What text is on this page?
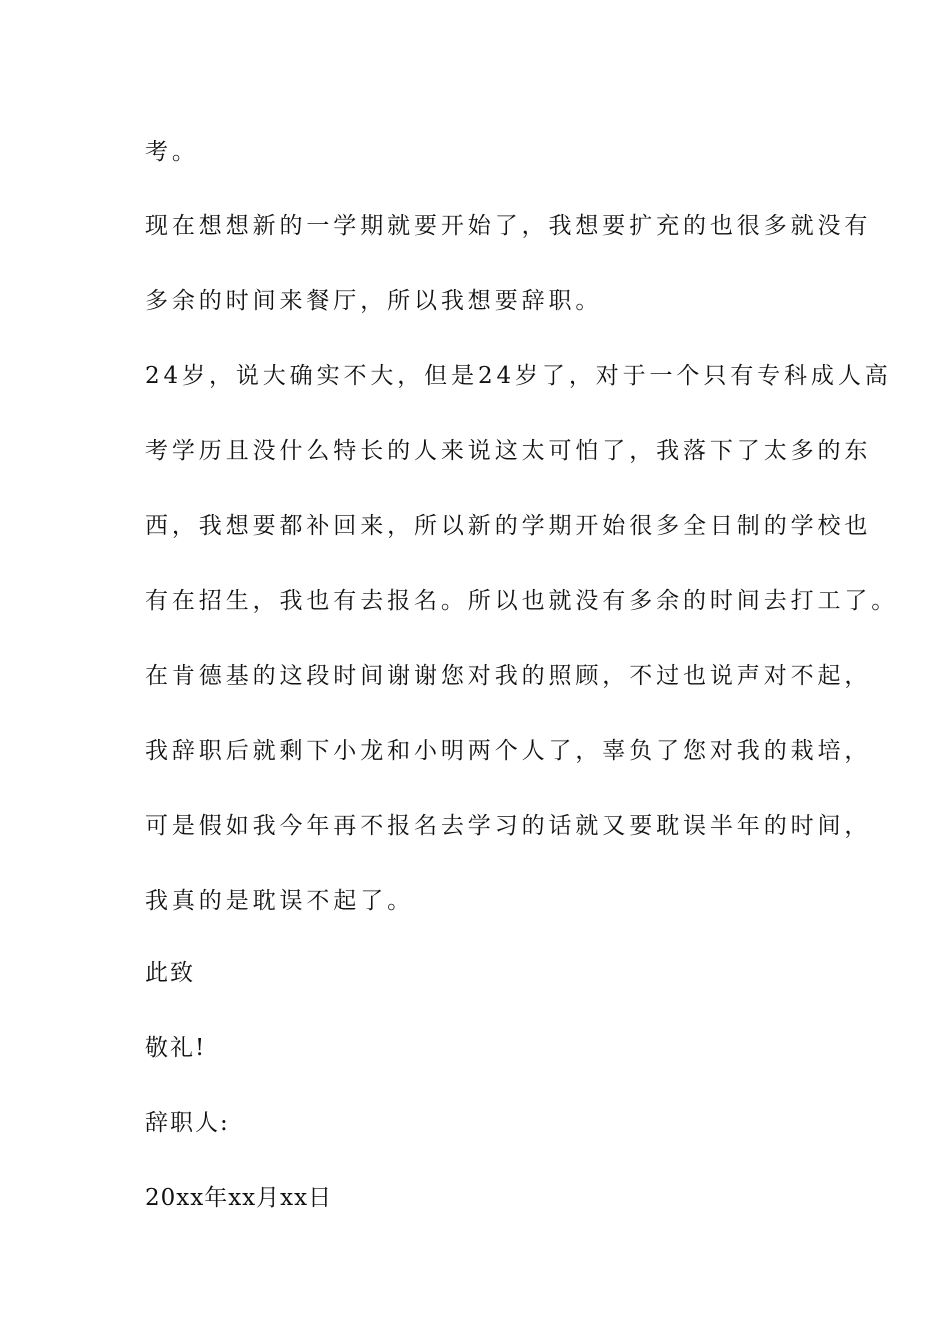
考。
现在想想新的一学期就要开始了，我想要扩充的也很多就没有
多余的时间来餐厅，所以我想要辞职。
24岁，说大确实不大，但是24岁了，对于一个只有专科成人高
考学历且没什么特长的人来说这太可怕了，我落下了太多的东
西，我想要都补回来，所以新的学期开始很多全日制的学校也
有在招生，我也有去报名。所以也就没有多余的时间去打工了。
在肯德基的这段时间谢谢您对我的照顾，不过也说声对不起，
我辞职后就剩下小龙和小明两个人了，辜负了您对我的栽培，
可是假如我今年再不报名去学习的话就又要耽误半年的时间，
我真的是耽误不起了。
此致
敬礼!
辞职人:
20xx年xx月xx日
